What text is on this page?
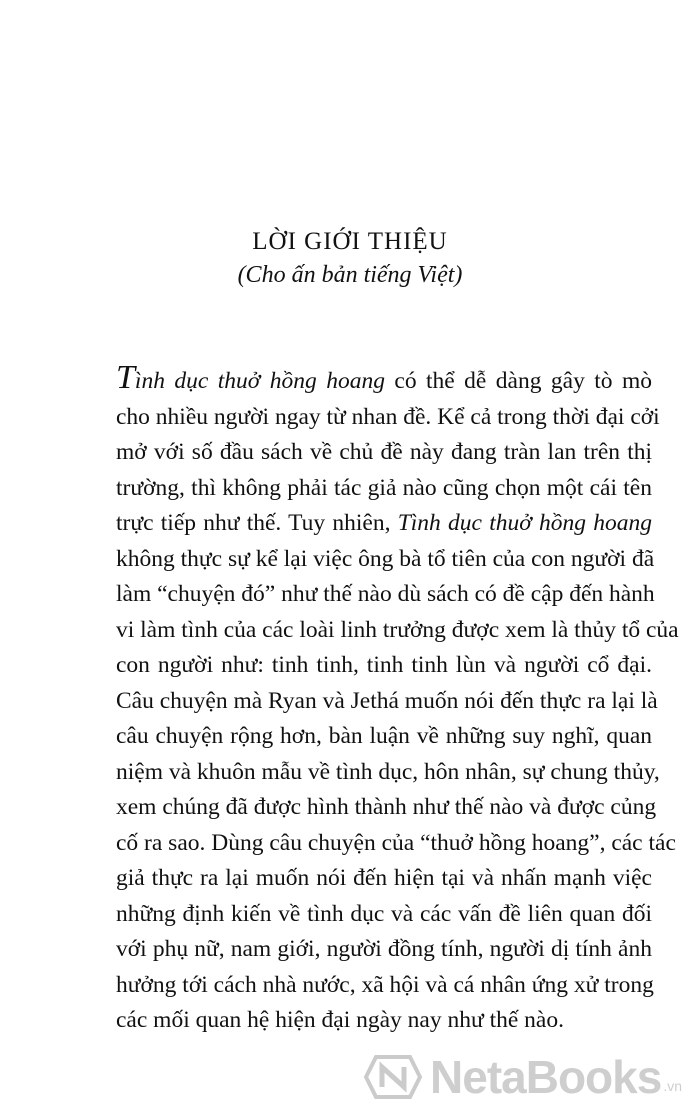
LỜI GIỚI THIỆU
(Cho ấn bản tiếng Việt)
Tình dục thuở hồng hoang có thể dễ dàng gây tò mò
cho nhiều người ngay từ nhan đề. Kể cả trong thời đại cởi
mở với số đầu sách về chủ đề này đang tràn lan trên thị
trường, thì không phải tác giả nào cũng chọn một cái tên
trực tiếp như thế. Tuy nhiên, Tình dục thuở hồng hoang
không thực sự kể lại việc ông bà tổ tiên của con người đã
làm “chuyện đó” như thế nào dù sách có đề cập đến hành
vi làm tình của các loài linh trưởng được xem là thủy tổ của
con người như: tinh tinh, tinh tinh lùn và người cổ đại.
Câu chuyện mà Ryan và Jethá muốn nói đến thực ra lại là
câu chuyện rộng hơn, bàn luận về những suy nghĩ, quan
niệm và khuôn mẫu về tình dục, hôn nhân, sự chung thủy,
xem chúng đã được hình thành như thế nào và được củng
cố ra sao. Dùng câu chuyện của “thuở hồng hoang”, các tác
giả thực ra lại muốn nói đến hiện tại và nhấn mạnh việc
những định kiến về tình dục và các vấn đề liên quan đối
với phụ nữ, nam giới, người đồng tính, người dị tính ảnh
hưởng tới cách nhà nước, xã hội và cá nhân ứng xử trong
các mối quan hệ hiện đại ngày nay như thế nào.
NetaBooks .vn
